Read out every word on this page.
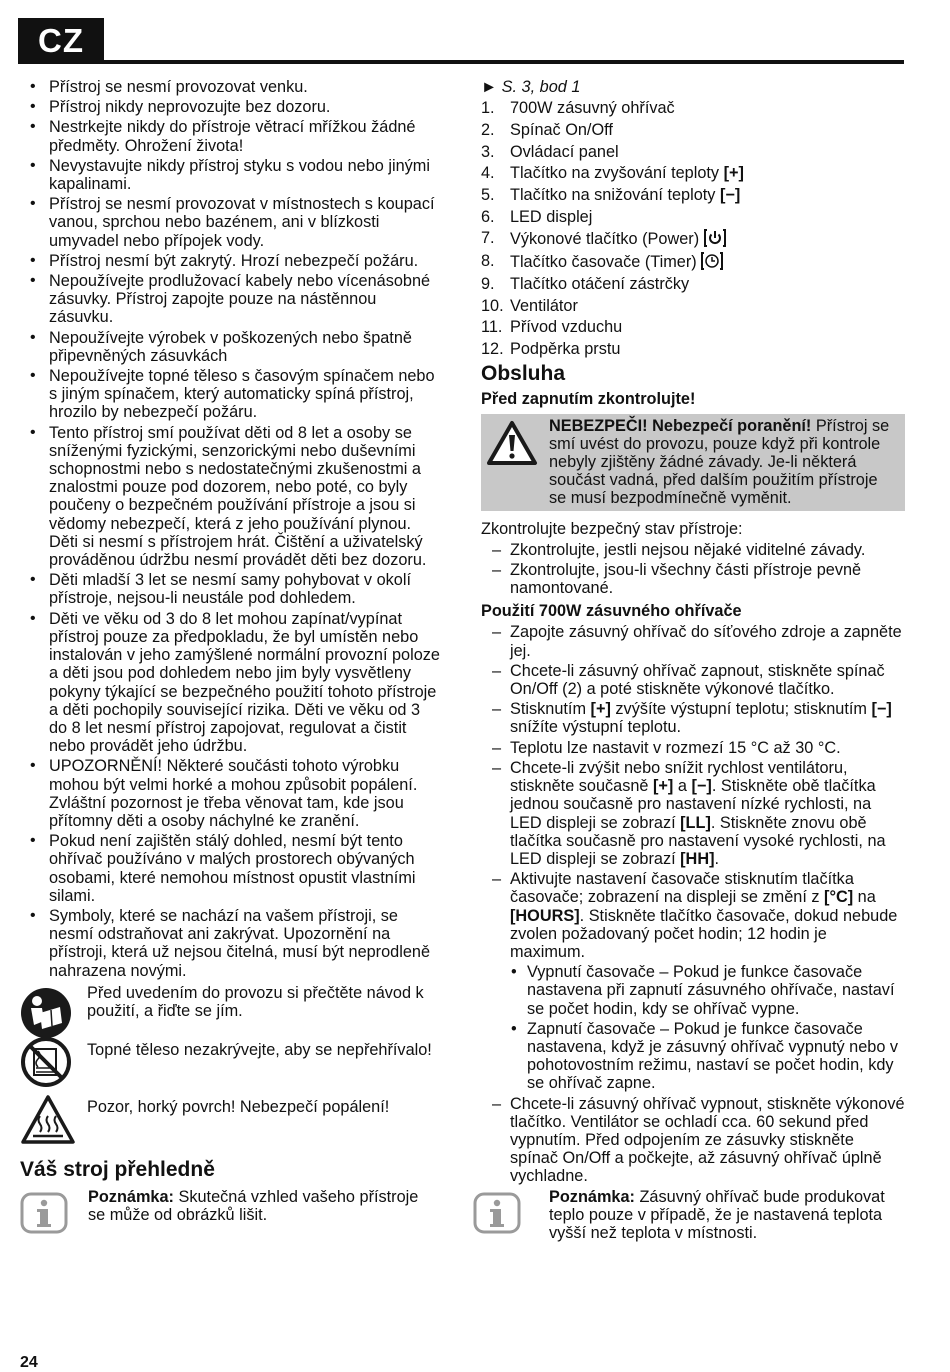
CZ
• Přístroj se nesmí provozovat venku.
• Přístroj nikdy neprovozujte bez dozoru.
• Nestrkejte nikdy do přístroje větrací mřížkou žádné předměty. Ohrožení života!
• Nevystavujte nikdy přístroj styku s vodou nebo jinými kapalinami.
• Přístroj se nesmí provozovat v místnostech s koupací vanou, sprchou nebo bazénem, ani v blízkosti umyvadel nebo přípojek vody.
• Přístroj nesmí být zakrytý. Hrozí nebezpečí požáru.
• Nepoužívejte prodlužovací kabely nebo vícenásobné zásuvky. Přístroj zapojte pouze na nástěnnou zásuvku.
• Nepoužívejte výrobek v poškozených nebo špatně připevněných zásuvkách
• Nepoužívejte topné těleso s časovým spínačem nebo s jiným spínačem, který automaticky spíná přístroj, hrozilo by nebezpečí požáru.
• Tento přístroj smí používat děti od 8 let a osoby se sníženými fyzickými, senzorickými nebo duševními schopnostmi nebo s nedostatečnými zkušenostmi a znalostmi pouze pod dozorem, nebo poté, co byly poučeny o bezpečném používání přístroje a jsou si vědomy nebezpečí, která z jeho používání plynou. Děti si nesmí s přístrojem hrát. Čištění a uživatelský prováděnou údržbu nesmí provádět děti bez dozoru.
• Děti mladší 3 let se nesmí samy pohybovat v okolí přístroje, nejsou-li neustále pod dohledem.
• Děti ve věku od 3 do 8 let mohou zapínat/vypínat přístroj pouze za předpokladu, že byl umístěn nebo instalován v jeho zamýšlené normální provozní poloze a děti jsou pod dohledem nebo jim byly vysvětleny pokyny týkající se bezpečného použití tohoto přístroje a děti pochopily související rizika. Děti ve věku od 3 do 8 let nesmí přístroj zapojovat, regulovat a čistit nebo provádět jeho údržbu.
• UPOZORNĚNÍ! Některé součásti tohoto výrobku mohou být velmi horké a mohou způsobit popálení. Zvláštní pozornost je třeba věnovat tam, kde jsou přítomny děti a osoby náchylné ke zranění.
• Pokud není zajištěn stálý dohled, nesmí být tento ohřívač používáno v malých prostorech obývaných osobami, které nemohou místnost opustit vlastními silami.
• Symboly, které se nachází na vašem přístroji, se nesmí odstraňovat ani zakrývat. Upozornění na přístroji, která už nejsou čitelná, musí být neprodleně nahrazena novými.

Před uvedením do provozu si přečtěte návod k použití, a řiďte se jím.

Topné těleso nezakrývejte, aby se nepřehřívalo!

Pozor, horký povrch! Nebezpečí popálení!

Váš stroj přehledně
Poznámka: Skutečná vzhled vašeho přístroje se může od obrázků lišit.
► S. 3, bod 1
1. 700W zásuvný ohřívač
2. Spínač On/Off
3. Ovládací panel
4. Tlačítko na zvyšování teploty [+]
5. Tlačítko na snižování teploty [−]
6. LED displej
7. Výkonové tlačítko (Power)
8. Tlačítko časovače (Timer)
9. Tlačítko otáčení zástrčky
10. Ventilátor
11. Přívod vzduchu
12. Podpěrka prstu
Obsluha
Před zapnutím zkontrolujte!
NEBEZPEČI! Nebezpečí poranění! Přístroj se smí uvést do provozu, pouze když při kontrole nebyly zjištěny žádné závady. Je-li některá součást vadná, před dalším použitím přístroje se musí bezpodmínečně vyměnit.

Zkontrolujte bezpečný stav přístroje:

– Zkontrolujte, jestli nejsou nějaké viditelné závady.
– Zkontrolujte, jsou-li všechny části přístroje pevně namontované.
Použití 700W zásuvného ohřívače
– Zapojte zásuvný ohřívač do síťového zdroje a zapněte jej.
– Chcete-li zásuvný ohřívač zapnout, stiskněte spínač On/Off (2) a poté stiskněte výkonové tlačítko.
– Stisknutím [+] zvýšíte výstupní teplotu; stisknutím [−] snížíte výstupní teplotu.
– Teplotu lze nastavit v rozmezí 15 °C až 30 °C.
– Chcete-li zvýšit nebo snížit rychlost ventilátoru, stiskněte současně [+] a [−]. Stiskněte obě tlačítka jednou současně pro nastavení nízké rychlosti, na LED displeji se zobrazí [LL]. Stiskněte znovu obě tlačítka současně pro nastavení vysoké rychlosti, na LED displeji se zobrazí [HH].
– Aktivujte nastavení časovače stisknutím tlačítka časovače; zobrazení na displeji se změní z [°C] na [HOURS]. Stiskněte tlačítko časovače, dokud nebude zvolen požadovaný počet hodin; 12 hodin je maximum.
• Vypnutí časovače – Pokud je funkce časovače nastavena při zapnutí zásuvného ohřívače, nastaví se počet hodin, kdy se ohřívač vypne.
• Zapnutí časovače – Pokud je funkce časovače nastavena, když je zásuvný ohřívač vypnutý nebo v pohotovostním režimu, nastaví se počet hodin, kdy se ohřívač zapne.
– Chcete-li zásuvný ohřívač vypnout, stiskněte výkonové tlačítko. Ventilátor se ochladí cca. 60 sekund před vypnutím. Před odpojením ze zásuvky stiskněte spínač On/Off a počkejte, až zásuvný ohřívač úplně vychladne.
Poznámka: Zásuvný ohřívač bude produkovat teplo pouze v případě, že je nastavená teplota vyšší než teplota v místnosti.
24
